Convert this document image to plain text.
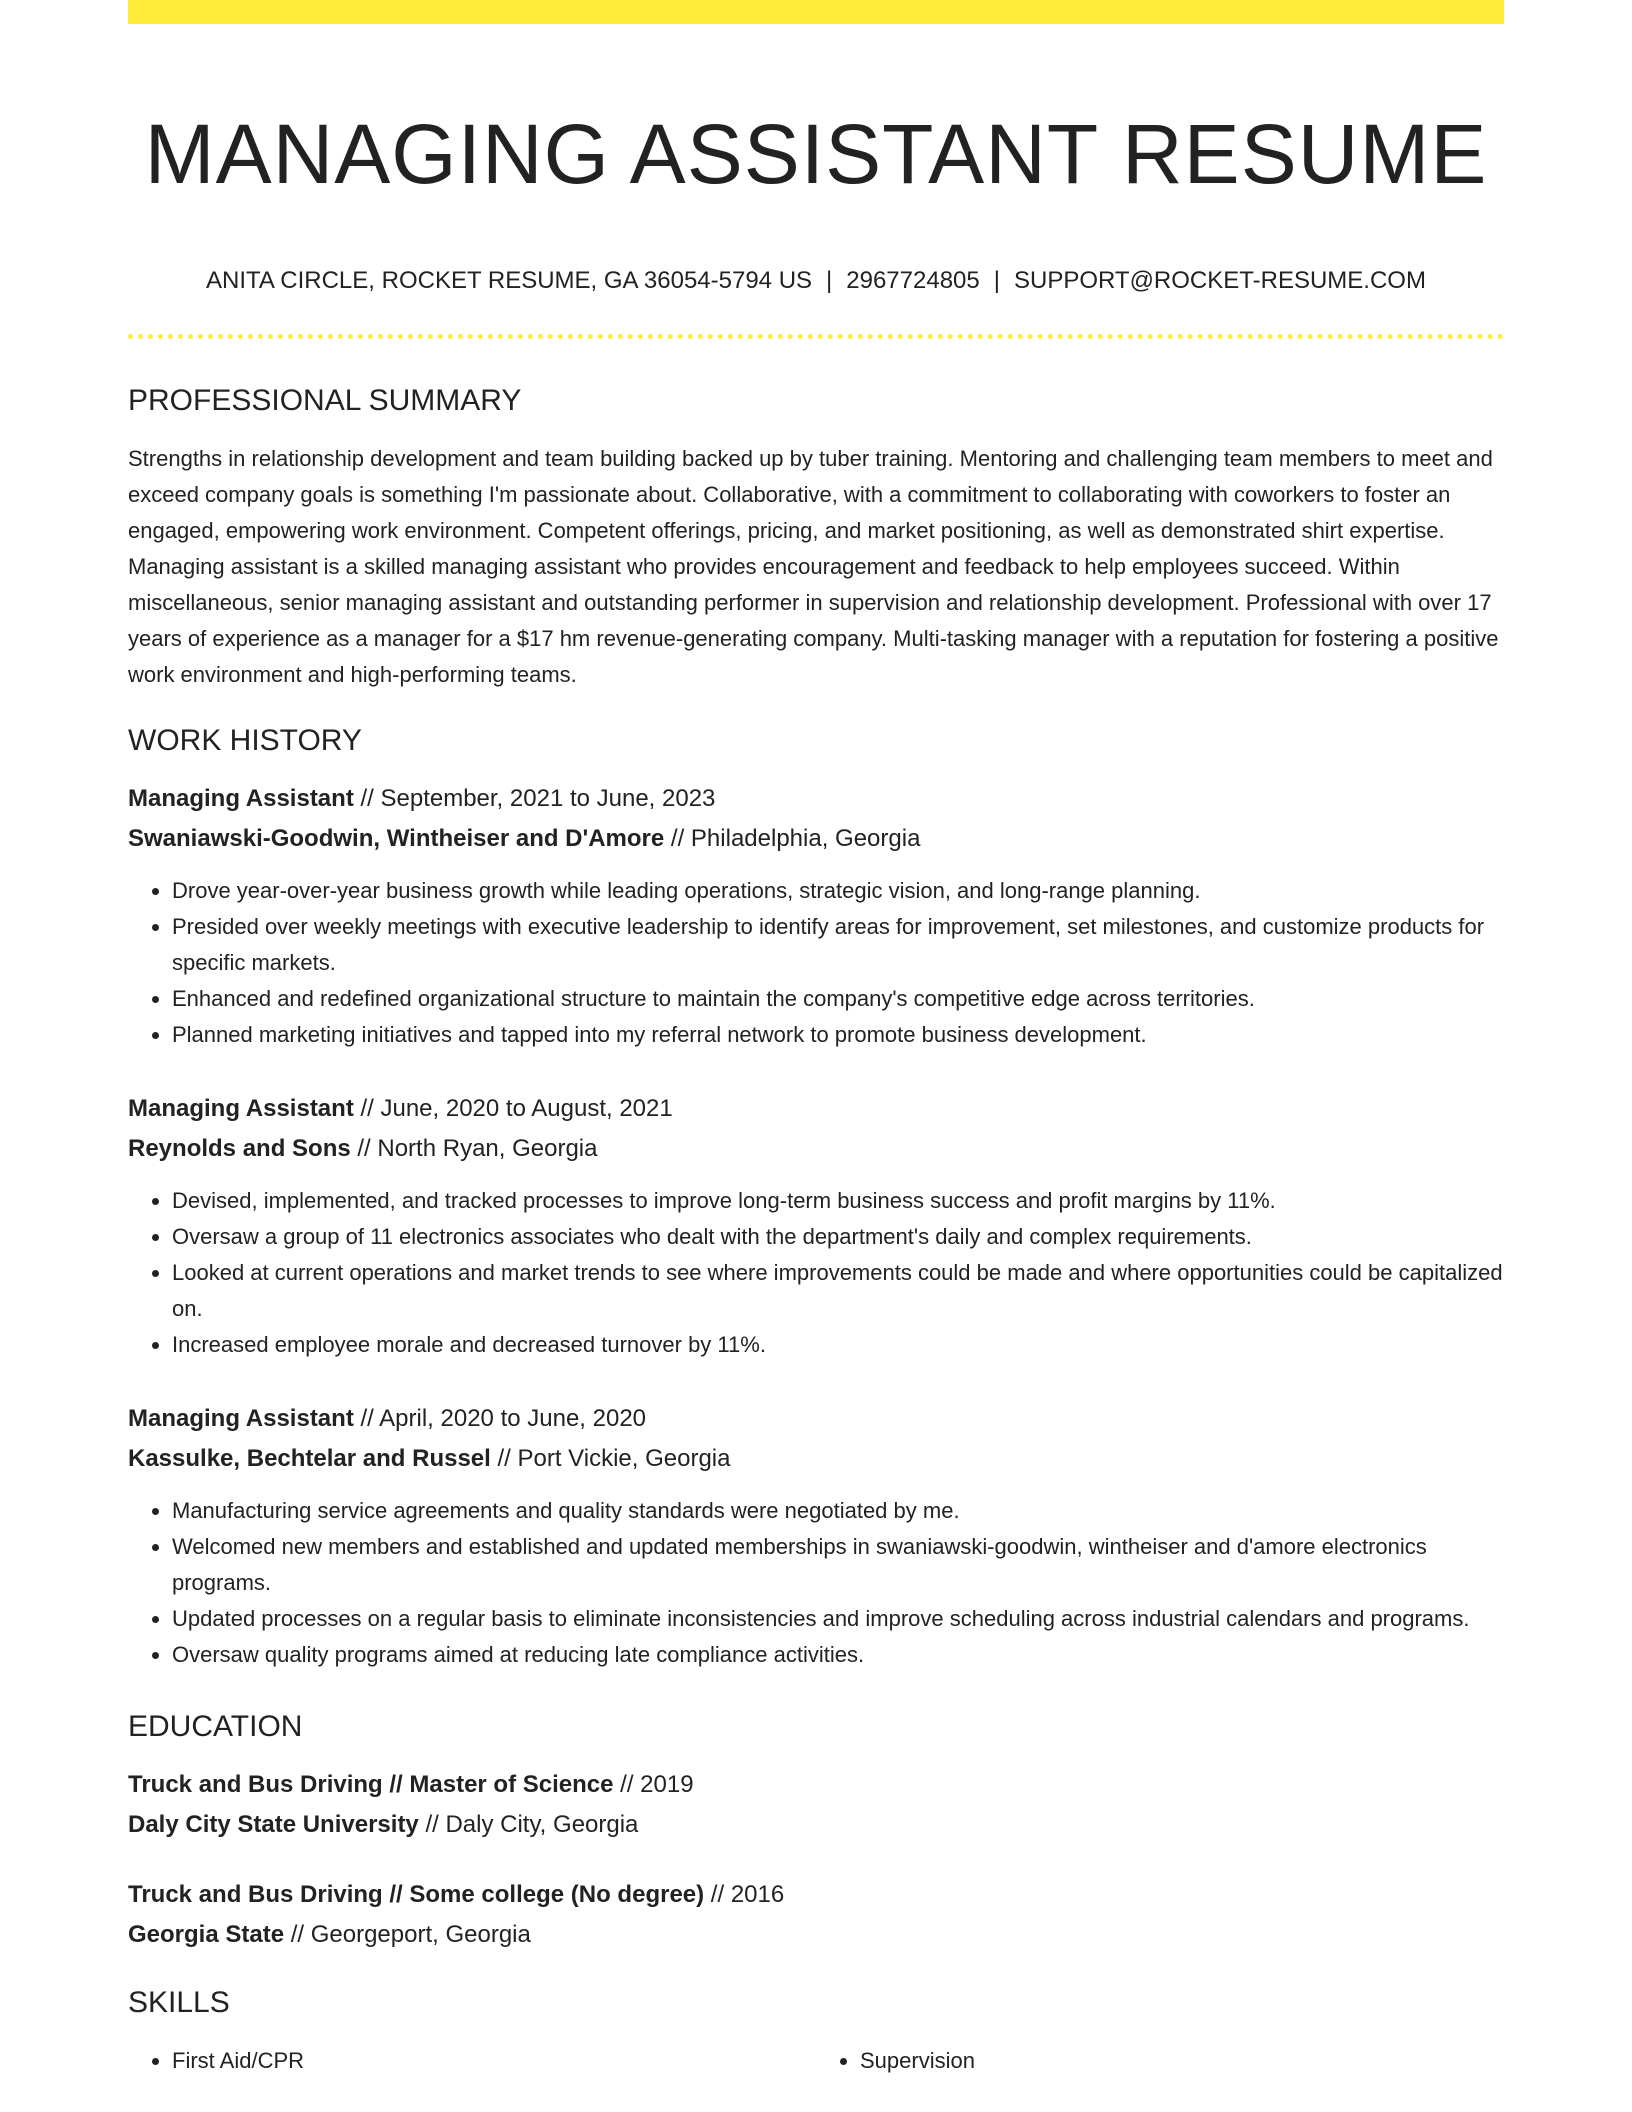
MANAGING ASSISTANT RESUME
ANITA CIRCLE, ROCKET RESUME, GA 36054-5794 US | 2967724805 | SUPPORT@ROCKET-RESUME.COM
PROFESSIONAL SUMMARY
Strengths in relationship development and team building backed up by tuber training. Mentoring and challenging team members to meet and exceed company goals is something I'm passionate about. Collaborative, with a commitment to collaborating with coworkers to foster an engaged, empowering work environment. Competent offerings, pricing, and market positioning, as well as demonstrated shirt expertise. Managing assistant is a skilled managing assistant who provides encouragement and feedback to help employees succeed. Within miscellaneous, senior managing assistant and outstanding performer in supervision and relationship development. Professional with over 17 years of experience as a manager for a $17 hm revenue-generating company. Multi-tasking manager with a reputation for fostering a positive work environment and high-performing teams.
WORK HISTORY
Managing Assistant // September, 2021 to June, 2023
Swaniawski-Goodwin, Wintheiser and D'Amore // Philadelphia, Georgia
• Drove year-over-year business growth while leading operations, strategic vision, and long-range planning.
• Presided over weekly meetings with executive leadership to identify areas for improvement, set milestones, and customize products for specific markets.
• Enhanced and redefined organizational structure to maintain the company's competitive edge across territories.
• Planned marketing initiatives and tapped into my referral network to promote business development.
Managing Assistant // June, 2020 to August, 2021
Reynolds and Sons // North Ryan, Georgia
• Devised, implemented, and tracked processes to improve long-term business success and profit margins by 11%.
• Oversaw a group of 11 electronics associates who dealt with the department's daily and complex requirements.
• Looked at current operations and market trends to see where improvements could be made and where opportunities could be capitalized on.
• Increased employee morale and decreased turnover by 11%.
Managing Assistant // April, 2020 to June, 2020
Kassulke, Bechtelar and Russel // Port Vickie, Georgia
• Manufacturing service agreements and quality standards were negotiated by me.
• Welcomed new members and established and updated memberships in swaniawski-goodwin, wintheiser and d'amore electronics programs.
• Updated processes on a regular basis to eliminate inconsistencies and improve scheduling across industrial calendars and programs.
• Oversaw quality programs aimed at reducing late compliance activities.
EDUCATION
Truck and Bus Driving // Master of Science // 2019
Daly City State University // Daly City, Georgia
Truck and Bus Driving // Some college (No degree) // 2016
Georgia State // Georgeport, Georgia
SKILLS
• First Aid/CPR
•	Supervision
